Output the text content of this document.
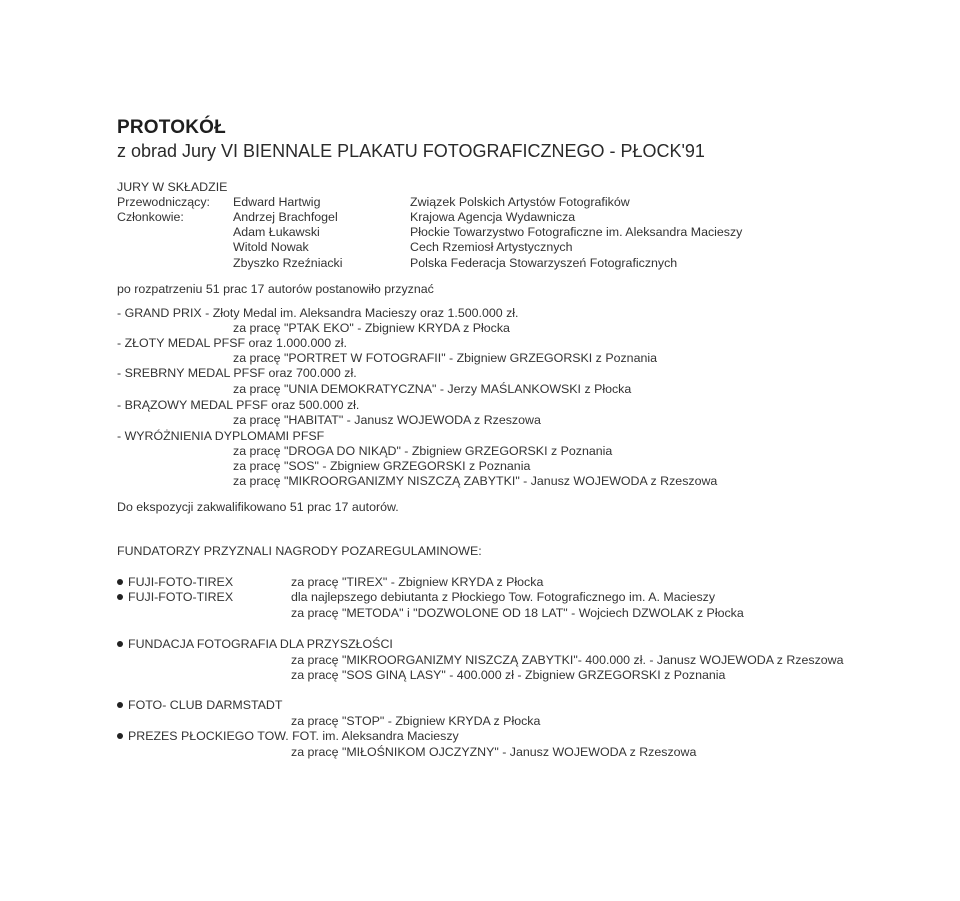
PROTOKÓŁ
z obrad Jury VI BIENNALE PLAKATU FOTOGRAFICZNEGO - PŁOCK'91
JURY W SKŁADZIE
Przewodniczący:
Członkowie:
Edward Hartwig
Andrzej Brachfogel
Adam Łukawski
Witold Nowak
Zbyszko Rzeźniacki
Związek Polskich Artystów Fotografików
Krajowa Agencja Wydawnicza
Płockie Towarzystwo Fotograficzne im. Aleksandra Macieszy
Cech Rzemiosł Artystycznych
Polska Federacja Stowarzyszeń Fotograficznych
po rozpatrzeniu 51 prac 17 autorów postanowiło przyznać
- GRAND PRIX - Złoty Medal im. Aleksandra Macieszy oraz 1.500.000 zł.
za pracę "PTAK EKO" - Zbigniew KRYDA z Płocka
- ZŁOTY MEDAL PFSF oraz 1.000.000 zł.
za pracę "PORTRET W FOTOGRAFII" - Zbigniew GRZEGORSKI z Poznania
- SREBRNY MEDAL PFSF oraz 700.000 zł.
za pracę "UNIA DEMOKRATYCZNA" - Jerzy MAŚLANKOWSKI z Płocka
- BRĄZOWY MEDAL PFSF oraz 500.000 zł.
za pracę "HABITAT" - Janusz WOJEWODA z Rzeszowa
- WYRÓŻNIENIA DYPLOMAMI PFSF
za pracę "DROGA DO NIKĄD" - Zbigniew GRZEGORSKI z Poznania
za pracę "SOS" - Zbigniew GRZEGORSKI z Poznania
za pracę "MIKROORGANIZMY NISZCZĄ ZABYTKI" - Janusz WOJEWODA z Rzeszowa
Do ekspozycji zakwalifikowano 51 prac 17 autorów.
FUNDATORZY PRZYZNALI NAGRODY POZAREGULAMINOWE:
FUJI-FOTO-TIREX	za pracę "TIREX" - Zbigniew KRYDA z Płocka
FUJI-FOTO-TIREX	dla najlepszego debiutanta z Płockiego Tow. Fotograficznego im. A. Macieszy
za pracę "METODA" i "DOZWOLONE OD 18 LAT" - Wojciech DZWOLAK z Płocka
FUNDACJA FOTOGRAFIA DLA PRZYSZŁOŚCI
za pracę "MIKROORGANIZMY NISZCZĄ ZABYTKI"- 400.000 zł. - Janusz WOJEWODA z Rzeszowa
za pracę "SOS GINĄ LASY" - 400.000 zł - Zbigniew GRZEGORSKI z Poznania
FOTO- CLUB DARMSTADT
za pracę "STOP" - Zbigniew KRYDA z Płocka
PREZES PŁOCKIEGO TOW. FOT. im. Aleksandra Macieszy
za pracę "MIŁOŚNIKOM OJCZYZNY" - Janusz WOJEWODA z Rzeszowa
